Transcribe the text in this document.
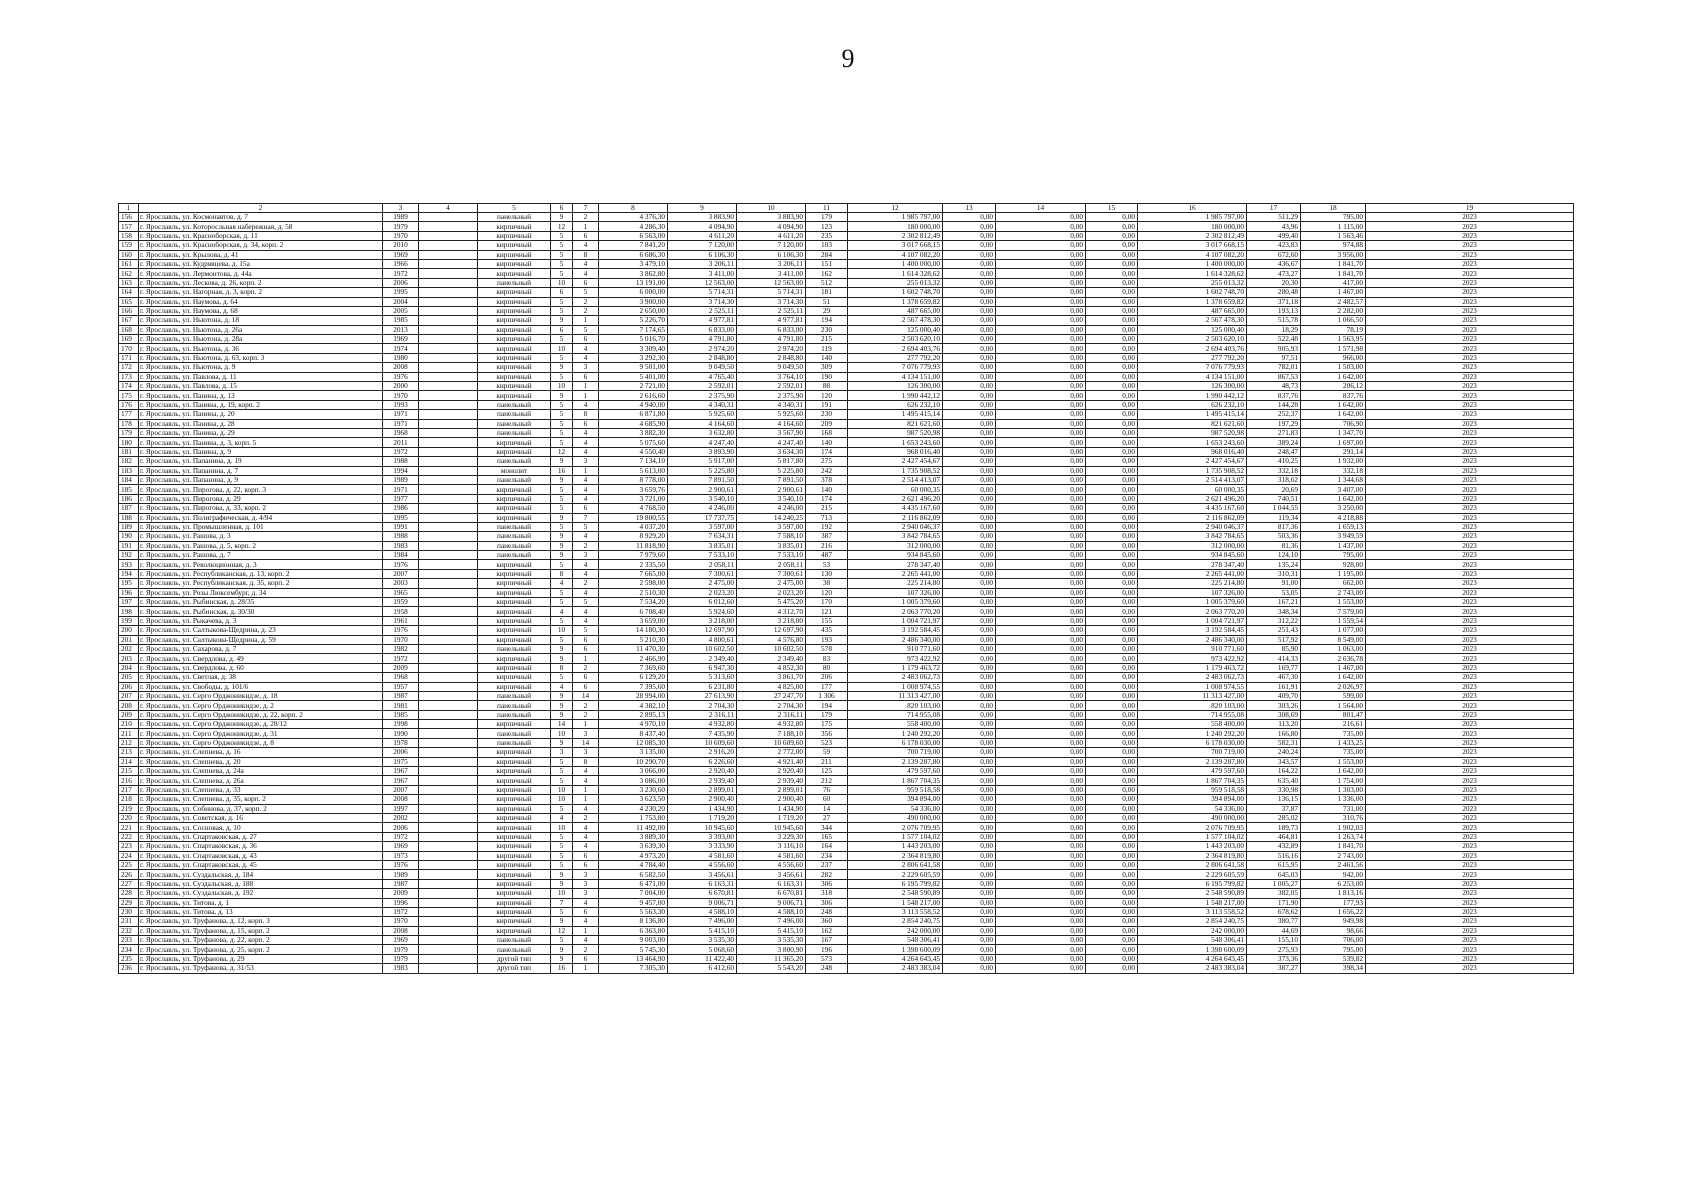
9
1	2	3	4	5	6	7	8	9	10	11	12	13	14	15	16	17	18	19
156	г. Ярославль, ул. Космонавтов, д. 7	1989		панельный	9	2	4 376,30	3 883,90	3 883,90	179	1 985 797,00	0,00	0,00	0,00	1 985 797,00	511,29	795,00	2023
157	г. Ярославль, ул. Которосльная набережная, д. 58	1979		кирпичный	12	1	4 286,30	4 094,90	4 094,90	123	180 000,00	0,00	0,00	0,00	180 000,00	43,96	1 115,00	2023
158	г. Ярославль, ул. Красноборская, д. 11	1970		кирпичный	5	6	6 563,00	4 611,20	4 611,20	235	2 302 812,49	0,00	0,00	0,00	2 302 812,49	499,40	1 563,46	2023
159	г. Ярославль, ул. Красноборская, д. 34, корп. 2	2010		кирпичный	5	4	7 841,20	7 120,00	7 120,00	103	3 017 668,15	0,00	0,00	0,00	3 017 668,15	423,83	974,88	2023
160	г. Ярославль, ул. Крылова, д. 41	1969		кирпичный	5	8	6 686,30	6 106,30	6 106,30	284	4 107 082,20	0,00	0,00	0,00	4 107 082,20	672,60	3 956,00	2023
161	г. Ярославль, ул. Кудрявцева, д. 15а	1966		кирпичный	5	4	3 479,10	3 206,11	3 206,11	151	1 400 000,00	0,00	0,00	0,00	1 400 000,00	436,67	1 841,70	2023
162	г. Ярославль, ул. Лермонтова, д. 44а	1972		кирпичный	5	4	3 862,80	3 411,00	3 411,00	162	1 614 328,62	0,00	0,00	0,00	1 614 328,62	473,27	1 841,70	2023
163	г. Ярославль, ул. Лескова, д. 26, корп. 2	2006		панельный	10	6	13 191,00	12 563,00	12 563,00	512	255 013,32	0,00	0,00	0,00	255 013,32	20,30	417,00	2023
164	г. Ярославль, ул. Нагорная, д. 3, корп. 2	1995		кирпичный	6	5	6 000,00	5 714,31	5 714,31	181	1 602 748,70	0,00	0,00	0,00	1 602 748,70	280,48	1 467,00	2023
165	г. Ярославль, ул. Наумова, д. 64	2004		кирпичный	5	2	3 900,00	3 714,30	3 714,30	51	1 378 659,82	0,00	0,00	0,00	1 378 659,82	371,18	2 482,57	2023
166	г. Ярославль, ул. Наумова, д. 68	2005		кирпичный	5	2	2 650,00	2 525,11	2 525,11	29	487 665,00	0,00	0,00	0,00	487 665,00	193,13	2 282,00	2023
167	г. Ярославль, ул. Ньютона, д. 18	1985		кирпичный	9	1	5 226,70	4 977,81	4 977,81	194	2 567 478,30	0,00	0,00	0,00	2 567 478,30	515,78	1 066,50	2023
168	г. Ярославль, ул. Ньютона, д. 26а	2013		кирпичный	6	5	7 174,65	6 833,00	6 833,00	230	125 000,40	0,00	0,00	0,00	125 000,40	18,29	78,19	2023
169	г. Ярославль, ул. Ньютона, д. 28а	1969		кирпичный	5	6	5 016,70	4 791,80	4 791,80	215	2 503 620,10	0,00	0,00	0,00	2 503 620,10	522,48	1 563,95	2023
170	г. Ярославль, ул. Ньютона, д. 36	1974		кирпичный	10	4	3 309,40	2 974,20	2 974,20	119	2 694 403,76	0,00	0,00	0,00	2 694 403,76	905,93	1 571,98	2023
171	г. Ярославль, ул. Ньютона, д. 63, корп. 3	1980		кирпичный	5	4	3 292,30	2 848,80	2 848,80	140	277 792,20	0,00	0,00	0,00	277 792,20	97,51	966,00	2023
172	г. Ярославль, ул. Ньютона, д. 9	2008		кирпичный	9	3	9 501,00	9 049,50	9 049,50	309	7 076 779,93	0,00	0,00	0,00	7 076 779,93	782,01	1 503,00	2023
173	г. Ярославль, ул. Павлова, д. 11	1976		кирпичный	5	6	5 401,00	4 765,40	3 764,10	190	4 134 151,00	0,00	0,00	0,00	4 134 151,00	867,53	1 642,00	2023
174	г. Ярославль, ул. Павлова, д. 15	2000		кирпичный	10	1	2 721,00	2 592,01	2 592,01	88	126 300,00	0,00	0,00	0,00	126 300,00	48,73	206,12	2023
175	г. Ярославль, ул. Панина, д. 13	1970		кирпичный	9	1	2 616,60	2 375,90	2 375,90	120	1 990 442,12	0,00	0,00	0,00	1 990 442,12	837,76	837,76	2023
176	г. Ярославль, ул. Панина, д. 19, корп. 2	1993		панельный	5	4	4 940,00	4 340,31	4 340,31	191	626 232,10	0,00	0,00	0,00	626 232,10	144,28	1 642,00	2023
177	г. Ярославль, ул. Панина, д. 20	1971		панельный	5	8	6 871,80	5 925,60	5 925,60	230	1 495 415,14	0,00	0,00	0,00	1 495 415,14	252,37	1 642,00	2023
178	г. Ярославль, ул. Панина, д. 28	1971		панельный	5	6	4 685,90	4 164,60	4 164,60	209	821 621,60	0,00	0,00	0,00	821 621,60	197,29	706,90	2023
179	г. Ярославль, ул. Панина, д. 29	1968		панельный	5	4	3 882,30	3 632,80	3 567,90	168	987 520,98	0,00	0,00	0,00	987 520,98	271,83	1 347,70	2023
180	г. Ярославль, ул. Панина, д. 3, корп. 5	2011		кирпичный	5	4	5 075,60	4 247,40	4 247,40	140	1 653 243,60	0,00	0,00	0,00	1 653 243,60	389,24	1 697,00	2023
181	г. Ярославль, ул. Панина, д. 9	1972		кирпичный	12	4	4 550,40	3 893,90	3 634,30	174	968 016,40	0,00	0,00	0,00	968 016,40	248,47	291,14	2023
182	г. Ярославль, ул. Папанина, д. 19	1988		панельный	9	3	7 134,10	5 917,00	5 817,80	275	2 427 454,67	0,00	0,00	0,00	2 427 454,67	410,25	1 932,00	2023
183	г. Ярославль, ул. Папанина, д. 7	1994		монолит	16	1	5 613,00	5 225,80	5 225,80	242	1 735 908,52	0,00	0,00	0,00	1 735 908,52	332,18	332,18	2023
184	г. Ярославль, ул. Папанина, д. 9	1989		панельный	9	4	8 778,00	7 891,50	7 891,50	378	2 514 413,07	0,00	0,00	0,00	2 514 413,07	318,62	1 344,68	2023
185	г. Ярославль, ул. Пирогова, д. 22, корп. 3	1971		кирпичный	5	4	3 659,76	2 900,61	2 900,61	140	60 000,35	0,00	0,00	0,00	60 000,35	20,69	3 407,00	2023
186	г. Ярославль, ул. Пирогова, д. 29	1977		кирпичный	5	4	3 721,00	3 540,10	3 540,10	174	2 621 496,20	0,00	0,00	0,00	2 621 496,20	740,51	1 642,00	2023
187	г. Ярославль, ул. Пирогова, д. 33, корп. 2	1986		кирпичный	5	6	4 768,50	4 246,00	4 246,00	215	4 435 167,60	0,00	0,00	0,00	4 435 167,60	1 044,55	3 250,00	2023
188	г. Ярославль, ул. Полиграфическая, д. 4/94	1995		кирпичный	9	7	19 800,55	17 737,75	14 240,25	713	2 116 862,09	0,00	0,00	0,00	2 116 862,09	119,34	4 218,88	2023
189	г. Ярославль, ул. Промышленная, д. 101	1991		панельный	5	5	4 037,20	3 597,00	3 597,00	192	2 940 046,37	0,00	0,00	0,00	2 940 046,37	817,36	1 659,13	2023
190	г. Ярославль, ул. Рашова, д. 3	1988		панельный	9	4	8 929,20	7 634,31	7 588,10	387	3 842 784,65	0,00	0,00	0,00	3 842 784,65	503,36	3 949,59	2023
191	г. Ярославль, ул. Рашова, д. 5, корп. 2	1983		панельный	9	2	11 818,90	3 835,01	3 835,01	216	312 000,00	0,00	0,00	0,00	312 000,00	81,36	1 437,00	2023
192	г. Ярославль, ул. Рашова, д. 7	1984		панельный	9	3	7 979,60	7 533,10	7 533,10	487	934 845,60	0,00	0,00	0,00	934 845,60	124,10	795,00	2023
193	г. Ярославль, ул. Революционная, д. 3	1976		кирпичный	5	4	2 335,50	2 058,11	2 058,11	53	278 347,40	0,00	0,00	0,00	278 347,40	135,24	928,00	2023
194	г. Ярославль, ул. Республиканская, д. 13, корп. 2	2007		кирпичный	8	4	7 665,00	7 300,61	7 300,61	130	2 265 441,00	0,00	0,00	0,00	2 265 441,00	310,31	1 195,00	2023
195	г. Ярославль, ул. Республиканская, д. 35, корп. 2	2003		кирпичный	4	2	2 598,00	2 475,00	2 475,00	38	225 214,80	0,00	0,00	0,00	225 214,80	91,00	662,00	2023
196	г. Ярославль, ул. Розы Люксембург, д. 34	1965		кирпичный	5	4	2 510,30	2 023,20	2 023,20	120	107 326,00	0,00	0,00	0,00	107 326,00	53,05	2 743,00	2023
197	г. Ярославль, ул. Рыбинская, д. 28/35	1959		кирпичный	5	5	7 534,20	6 012,60	5 475,20	170	1 005 379,60	0,00	0,00	0,00	1 005 379,60	167,21	1 553,00	2023
198	г. Ярославль, ул. Рыбинская, д. 30/30	1958		кирпичный	4	4	6 708,40	5 924,60	4 312,70	121	2 063 770,20	0,00	0,00	0,00	2 063 770,20	348,34	7 579,00	2023
199	г. Ярославль, ул. Рыкачева, д. 3	1961		кирпичный	5	4	3 659,00	3 218,00	3 218,00	155	1 004 721,97	0,00	0,00	0,00	1 004 721,97	312,22	1 559,54	2023
200	г. Ярославль, ул. Салтыкова-Щедрина, д. 23	1976		кирпичный	10	5	14 180,30	12 697,90	12 697,90	435	3 192 584,45	0,00	0,00	0,00	3 192 584,45	251,43	1 077,00	2023
201	г. Ярославль, ул. Салтыкова-Щедрина, д. 59	1970		кирпичный	5	6	5 210,30	4 800,61	4 576,80	193	2 486 340,00	0,00	0,00	0,00	2 486 340,00	517,92	8 549,00	2023
202	г. Ярославль, ул. Сахарова, д. 7	1982		панельный	9	6	11 470,30	10 602,50	10 602,50	578	910 771,60	0,00	0,00	0,00	910 771,60	85,90	1 063,00	2023
203	г. Ярославль, ул. Свердлова, д. 49	1972		кирпичный	9	1	2 466,90	2 349,40	2 349,40	83	973 422,92	0,00	0,00	0,00	973 422,92	414,33	2 636,78	2023
204	г. Ярославль, ул. Свердлова, д. 60	2009		кирпичный	8	2	7 369,60	6 947,30	4 852,30	80	1 179 463,72	0,00	0,00	0,00	1 179 463,72	169,77	1 467,00	2023
205	г. Ярославль, ул. Светлая, д. 38	1968		кирпичный	5	6	6 129,20	5 313,60	3 861,70	206	2 483 062,73	0,00	0,00	0,00	2 483 062,73	467,30	1 642,00	2023
206	г. Ярославль, ул. Свободы, д. 101/6	1957		кирпичный	4	6	7 395,60	6 231,80	4 825,00	177	1 008 974,55	0,00	0,00	0,00	1 008 974,55	161,91	2 026,97	2023
207	г. Ярославль, ул. Серго Орджоникидзе, д. 18	1987		панельный	9	14	28 994,00	27 613,90	27 247,70	1 306	11 313 427,00	0,00	0,00	0,00	11 313 427,00	409,70	599,00	2023
208	г. Ярославль, ул. Серго Орджоникидзе, д. 2	1981		панельный	9	2	4 382,10	2 704,30	2 704,30	194	820 103,00	0,00	0,00	0,00	820 103,00	303,26	1 564,00	2023
209	г. Ярославль, ул. Серго Орджоникидзе, д. 22, корп. 2	1985		панельный	9	2	2 895,13	2 316,11	2 316,11	179	714 955,08	0,00	0,00	0,00	714 955,08	308,69	801,47	2023
210	г. Ярославль, ул. Серго Орджоникидзе, д. 28/12	1998		кирпичный	14	1	4 970,10	4 932,80	4 932,80	175	558 400,00	0,00	0,00	0,00	558 400,00	113,20	216,61	2023
211	г. Ярославль, ул. Серго Орджоникидзе, д. 31	1990		панельный	10	3	8 437,40	7 435,90	7 188,10	356	1 240 292,20	0,00	0,00	0,00	1 240 292,20	166,80	735,00	2023
212	г. Ярославль, ул. Серго Орджоникидзе, д. 8	1978		панельный	9	14	12 085,30	10 609,60	10 609,60	523	6 178 030,00	0,00	0,00	0,00	6 178 030,00	582,31	1 433,25	2023
213	г. Ярославль, ул. Слепнева, д. 16	2006		кирпичный	3	3	3 135,00	2 916,20	2 772,00	59	700 719,00	0,00	0,00	0,00	700 719,00	240,24	735,00	2023
214	г. Ярославль, ул. Слепнева, д. 20	1975		кирпичный	5	8	10 290,70	6 226,60	4 921,40	211	2 139 287,80	0,00	0,00	0,00	2 139 287,80	343,57	1 553,00	2023
215	г. Ярославль, ул. Слепнева, д. 24а	1967		кирпичный	5	4	3 066,00	2 920,40	2 920,40	125	479 597,60	0,00	0,00	0,00	479 597,60	164,22	1 642,00	2023
216	г. Ярославль, ул. Слепнева, д. 26а	1967		кирпичный	5	4	3 086,00	2 939,40	2 939,40	212	1 867 704,35	0,00	0,00	0,00	1 867 704,35	635,40	1 754,00	2023
217	г. Ярославль, ул. Слепнева, д. 33	2007		кирпичный	10	1	3 230,60	2 899,01	2 899,01	76	959 518,58	0,00	0,00	0,00	959 518,58	330,98	1 303,00	2023
218	г. Ярославль, ул. Слепнева, д. 35, корп. 2	2008		кирпичный	10	1	3 623,50	2 900,40	2 900,40	60	394 894,00	0,00	0,00	0,00	394 894,00	136,15	1 336,00	2023
219	г. Ярославль, ул. Собинова, д. 37, корп. 2	1997		кирпичный	5	4	4 230,20	1 434,90	1 434,90	14	54 336,00	0,00	0,00	0,00	54 336,00	37,87	731,00	2023
220	г. Ярославль, ул. Советская, д. 16	2002		кирпичный	4	2	1 753,80	1 719,20	1 719,20	27	490 000,00	0,00	0,00	0,00	490 000,00	285,02	310,76	2023
221	г. Ярославль, ул. Сосновая, д. 10	2006		кирпичный	10	4	11 492,00	10 945,60	10 945,60	344	2 076 709,95	0,00	0,00	0,00	2 076 709,95	189,73	1 902,03	2023
222	г. Ярославль, ул. Спартаковская, д. 27	1972		кирпичный	5	4	3 889,30	3 393,00	3 229,30	165	1 577 104,02	0,00	0,00	0,00	1 577 104,02	464,81	1 263,74	2023
223	г. Ярославль, ул. Спартаковская, д. 36	1969		кирпичный	5	4	3 639,30	3 333,90	3 116,10	164	1 443 203,00	0,00	0,00	0,00	1 443 203,00	432,89	1 841,70	2023
224	г. Ярославль, ул. Спартаковская, д. 43	1973		кирпичный	5	6	4 973,20	4 581,60	4 581,60	234	2 364 819,80	0,00	0,00	0,00	2 364 819,80	516,16	2 743,00	2023
225	г. Ярославль, ул. Спартаковская, д. 45	1976		кирпичный	5	6	4 784,40	4 556,60	4 556,60	237	2 806 641,58	0,00	0,00	0,00	2 806 641,58	615,95	2 461,56	2023
226	г. Ярославль, ул. Суздальская, д. 184	1989		кирпичный	9	3	6 582,50	3 456,61	3 456,61	282	2 229 605,59	0,00	0,00	0,00	2 229 605,59	645,03	942,00	2023
227	г. Ярославль, ул. Суздальская, д. 188	1987		кирпичный	9	3	6 471,00	6 163,31	6 163,31	306	6 195 799,82	0,00	0,00	0,00	6 195 799,82	1 005,27	6 253,00	2023
228	г. Ярославль, ул. Суздальская, д. 192	2009		кирпичный	10	3	7 004,00	6 670,81	6 670,81	318	2 548 590,89	0,00	0,00	0,00	2 548 590,89	382,05	1 813,16	2023
229	г. Ярославль, ул. Титова, д. 1	1996		кирпичный	7	4	9 457,00	9 006,71	9 006,71	306	1 548 217,00	0,00	0,00	0,00	1 548 217,00	171,90	177,93	2023
230	г. Ярославль, ул. Титова, д. 13	1972		кирпичный	5	6	5 563,30	4 588,10	4 588,10	248	3 113 558,52	0,00	0,00	0,00	3 113 558,52	678,62	1 656,22	2023
231	г. Ярославль, ул. Труфанова, д. 12, корп. 3	1970		кирпичный	9	4	8 136,80	7 496,00	7 496,00	360	2 854 240,75	0,00	0,00	0,00	2 854 240,75	380,77	949,98	2023
232	г. Ярославль, ул. Труфанова, д. 15, корп. 2	2008		кирпичный	12	1	6 363,80	5 415,10	5 415,10	162	242 000,00	0,00	0,00	0,00	242 000,00	44,69	98,66	2023
233	г. Ярославль, ул. Труфанова, д. 22, корп. 2	1969		панельный	5	4	9 003,00	3 535,30	3 535,30	167	548 306,41	0,00	0,00	0,00	548 306,41	155,10	706,00	2023
234	г. Ярославль, ул. Труфанова, д. 25, корп. 2	1979		панельный	9	2	5 745,30	5 068,60	3 800,90	196	1 398 600,09	0,00	0,00	0,00	1 398 600,09	275,93	795,00	2023
235	г. Ярославль, ул. Труфанова, д. 29	1979		другой тип	9	6	13 464,90	11 422,40	11 365,20	573	4 264 643,45	0,00	0,00	0,00	4 264 643,45	373,36	539,82	2023
236	г. Ярославль, ул. Труфанова, д. 31/53	1983		другой тип	16	1	7 305,30	6 412,60	5 543,20	248	2 483 383,04	0,00	0,00	0,00	2 483 383,04	387,27	398,34	2023
